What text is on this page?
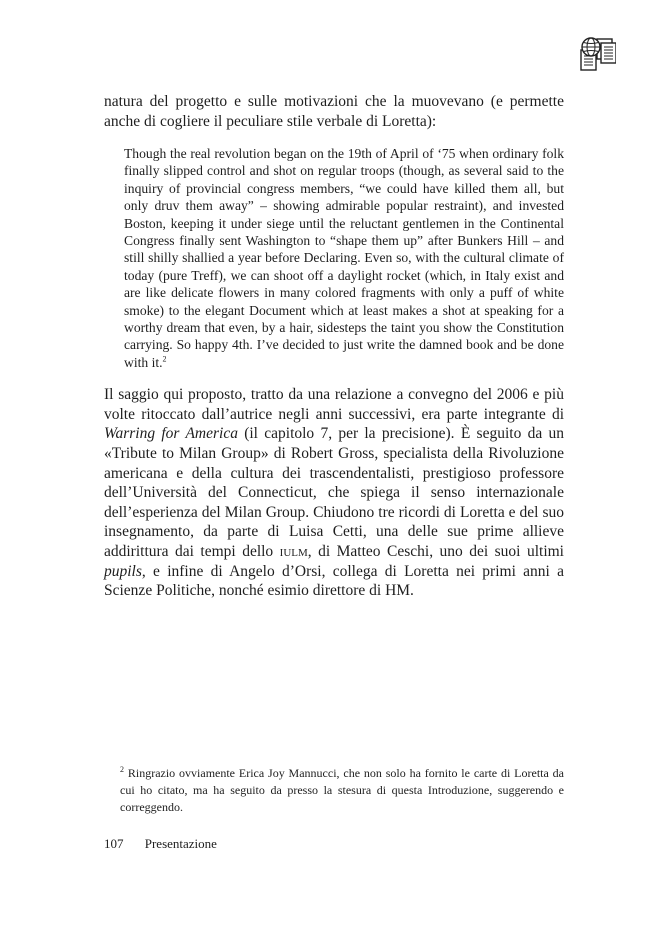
natura del progetto e sulle motivazioni che la muovevano (e permette anche di cogliere il peculiare stile verbale di Loretta):

Though the real revolution began on the 19th of April of ‘75 when ordinary folk finally slipped control and shot on regular troops (though, as several said to the inquiry of provincial congress members, “we could have killed them all, but only druv them away” – showing admirable popular restraint), and invested Boston, keeping it under siege until the reluctant gentlemen in the Continental Congress finally sent Washington to “shape them up” after Bunkers Hill – and still shilly shallied a year before Declaring. Even so, with the cultural climate of today (pure Treff), we can shoot off a daylight rocket (which, in Italy exist and are like delicate flowers in many colored fragments with only a puff of white smoke) to the elegant Document which at least makes a shot at speaking for a worthy dream that even, by a hair, sidesteps the taint you show the Constitution carrying. So happy 4th. I’ve decided to just write the damned book and be done with it.$^2$

Il saggio qui proposto, tratto da una relazione a convegno del 2006 e più volte ritoccato dall’autrice negli anni successivi, era parte integrante di Warring for America (il capitolo 7, per la precisione). È seguito da un «Tribute to Milan Group» di Robert Gross, specialista della Rivoluzione americana e della cultura dei trascendentalisti, prestigioso professore dell’Università del Connecticut, che spiega il senso internazionale dell’esperienza del Milan Group. Chiudono tre ricordi di Loretta e del suo insegnamento, da parte di Luisa Cetti, una delle sue prime allieve addirittura dai tempi dello iulm, di Matteo Ceschi, uno dei suoi ultimi pupils, e infine di Angelo d’Orsi, collega di Loretta nei primi anni a Scienze Politiche, nonché esimio direttore di HM.

$^2$ Ringrazio ovviamente Erica Joy Mannucci, che non solo ha fornito le carte di Loretta da cui ho citato, ma ha seguito da presso la stesura di questa Introduzione, suggerendo e correggendo.

107 Presentazione
